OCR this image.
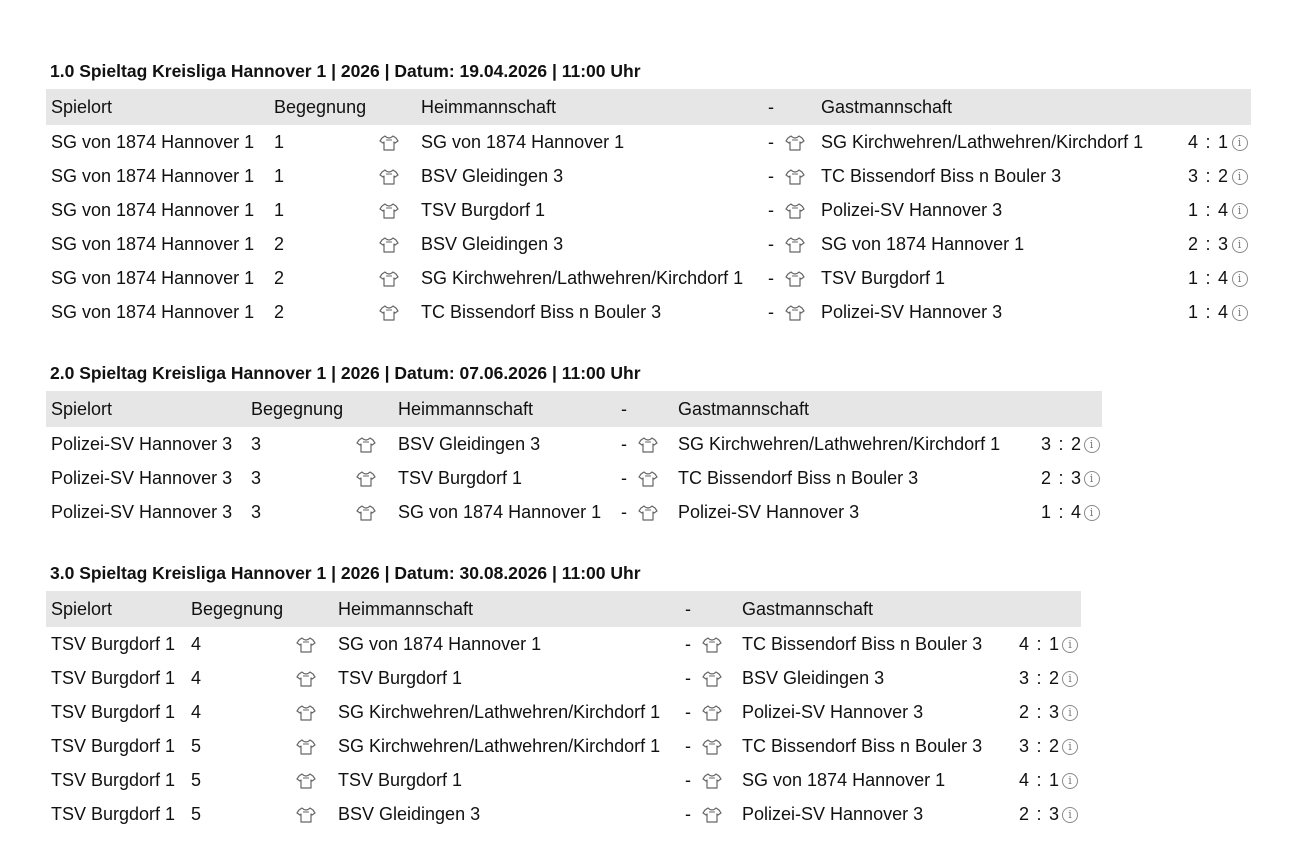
1.0 Spieltag Kreisliga Hannover 1 | 2026 | Datum: 19.04.2026 | 11:00 Uhr
Spielort	Begegnung		Heimmannschaft	-		Gastmannschaft		
SG von 1874 Hannover 1	1		SG von 1874 Hannover 1	-		SG Kirchwehren/Lathwehren/Kirchdorf 1	4 : 1	i
SG von 1874 Hannover 1	1		BSV Gleidingen 3	-		TC Bissendorf Biss n Bouler 3	3 : 2	i
SG von 1874 Hannover 1	1		TSV Burgdorf 1	-		Polizei-SV Hannover 3	1 : 4	i
SG von 1874 Hannover 1	2		BSV Gleidingen 3	-		SG von 1874 Hannover 1	2 : 3	i
SG von 1874 Hannover 1	2		SG Kirchwehren/Lathwehren/Kirchdorf 1	-		TSV Burgdorf 1	1 : 4	i
SG von 1874 Hannover 1	2		TC Bissendorf Biss n Bouler 3	-		Polizei-SV Hannover 3	1 : 4	i
2.0 Spieltag Kreisliga Hannover 1 | 2026 | Datum: 07.06.2026 | 11:00 Uhr
Spielort	Begegnung		Heimmannschaft	-		Gastmannschaft		
Polizei-SV Hannover 3	3		BSV Gleidingen 3	-		SG Kirchwehren/Lathwehren/Kirchdorf 1	3 : 2	i
Polizei-SV Hannover 3	3		TSV Burgdorf 1	-		TC Bissendorf Biss n Bouler 3	2 : 3	i
Polizei-SV Hannover 3	3		SG von 1874 Hannover 1	-		Polizei-SV Hannover 3	1 : 4	i
3.0 Spieltag Kreisliga Hannover 1 | 2026 | Datum: 30.08.2026 | 11:00 Uhr
Spielort	Begegnung		Heimmannschaft	-		Gastmannschaft		
TSV Burgdorf 1	4		SG von 1874 Hannover 1	-		TC Bissendorf Biss n Bouler 3	4 : 1	i
TSV Burgdorf 1	4		TSV Burgdorf 1	-		BSV Gleidingen 3	3 : 2	i
TSV Burgdorf 1	4		SG Kirchwehren/Lathwehren/Kirchdorf 1	-		Polizei-SV Hannover 3	2 : 3	i
TSV Burgdorf 1	5		SG Kirchwehren/Lathwehren/Kirchdorf 1	-		TC Bissendorf Biss n Bouler 3	3 : 2	i
TSV Burgdorf 1	5		TSV Burgdorf 1	-		SG von 1874 Hannover 1	4 : 1	i
TSV Burgdorf 1	5		BSV Gleidingen 3	-		Polizei-SV Hannover 3	2 : 3	i
